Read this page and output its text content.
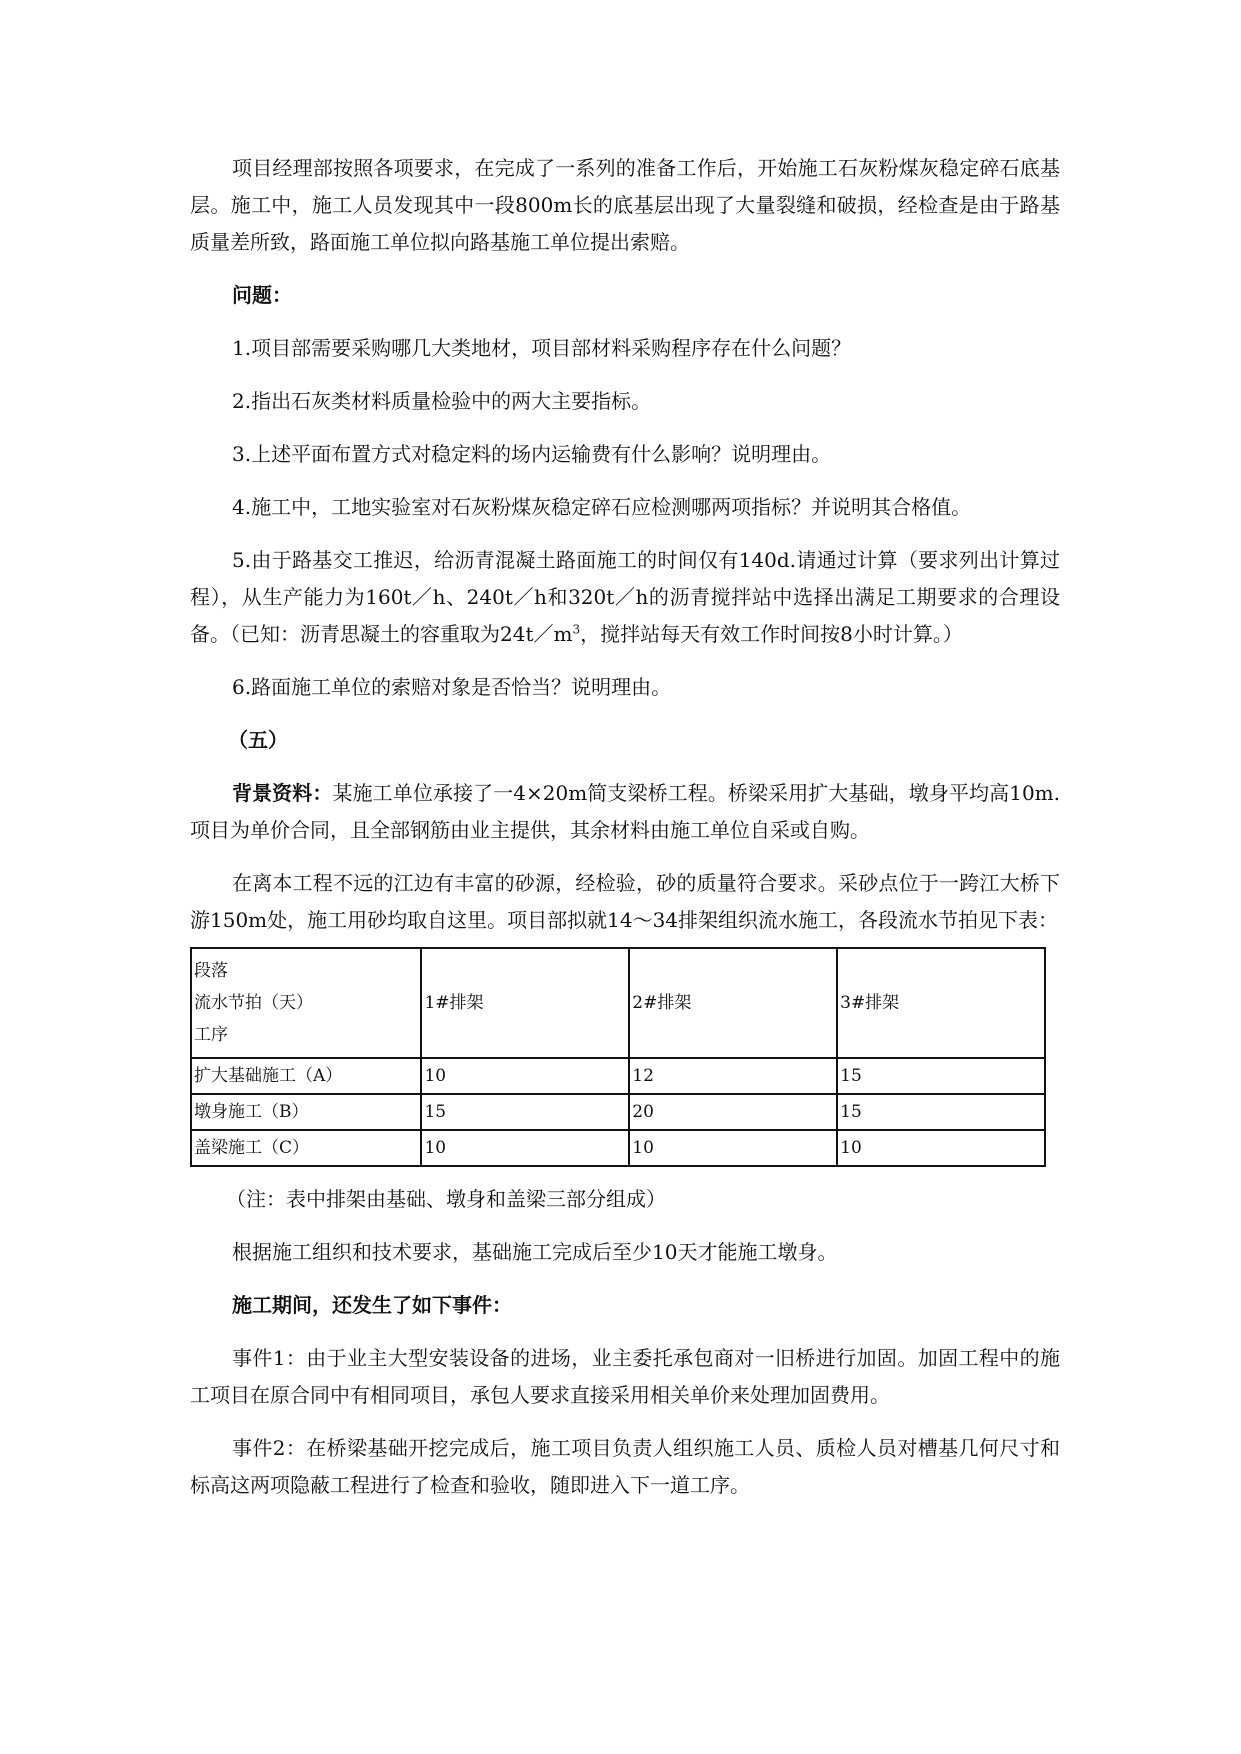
项目经理部按照各项要求，在完成了一系列的准备工作后，开始施工石灰粉煤灰稳定碎石底基层。施工中，施工人员发现其中一段800m长的底基层出现了大量裂缝和破损，经检查是由于路基质量差所致，路面施工单位拟向路基施工单位提出索赔。

问题：

1.项目部需要采购哪几大类地材，项目部材料采购程序存在什么问题？

2.指出石灰类材料质量检验中的两大主要指标。

3.上述平面布置方式对稳定料的场内运输费有什么影响？说明理由。

4.施工中，工地实验室对石灰粉煤灰稳定碎石应检测哪两项指标？并说明其合格值。

5.由于路基交工推迟，给沥青混凝土路面施工的时间仅有140d.请通过计算（要求列出计算过程），从生产能力为160t／h、240t／h和320t／h的沥青搅拌站中选择出满足工期要求的合理设备。（已知：沥青思凝土的容重取为$24t/m^3$，搅拌站每天有效工作时间按8小时计算。）

6.路面施工单位的索赔对象是否恰当？说明理由。

（五）

背景资料：某施工单位承接了一4×20m简支梁桥工程。桥梁采用扩大基础，墩身平均高10m.项目为单价合同，且全部钢筋由业主提供，其余材料由施工单位自采或自购。

在离本工程不远的江边有丰富的砂源，经检验，砂的质量符合要求。采砂点位于一跨江大桥下游150m处，施工用砂均取自这里。项目部拟就14～34排架组织流水施工，各段流水节拍见下表：

段落
流水节拍（天）
工序	1#排架	2#排架	3#排架
扩大基础施工（A）	10	12	15
墩身施工（B）	15	20	15
盖梁施工（C）	10	10	10

（注：表中排架由基础、墩身和盖梁三部分组成）

根据施工组织和技术要求，基础施工完成后至少10天才能施工墩身。

施工期间，还发生了如下事件：

事件1：由于业主大型安装设备的进场，业主委托承包商对一旧桥进行加固。加固工程中的施工项目在原合同中有相同项目，承包人要求直接采用相关单价来处理加固费用。

事件2：在桥梁基础开挖完成后，施工项目负责人组织施工人员、质检人员对槽基几何尺寸和标高这两项隐蔽工程进行了检查和验收，随即进入下一道工序。
